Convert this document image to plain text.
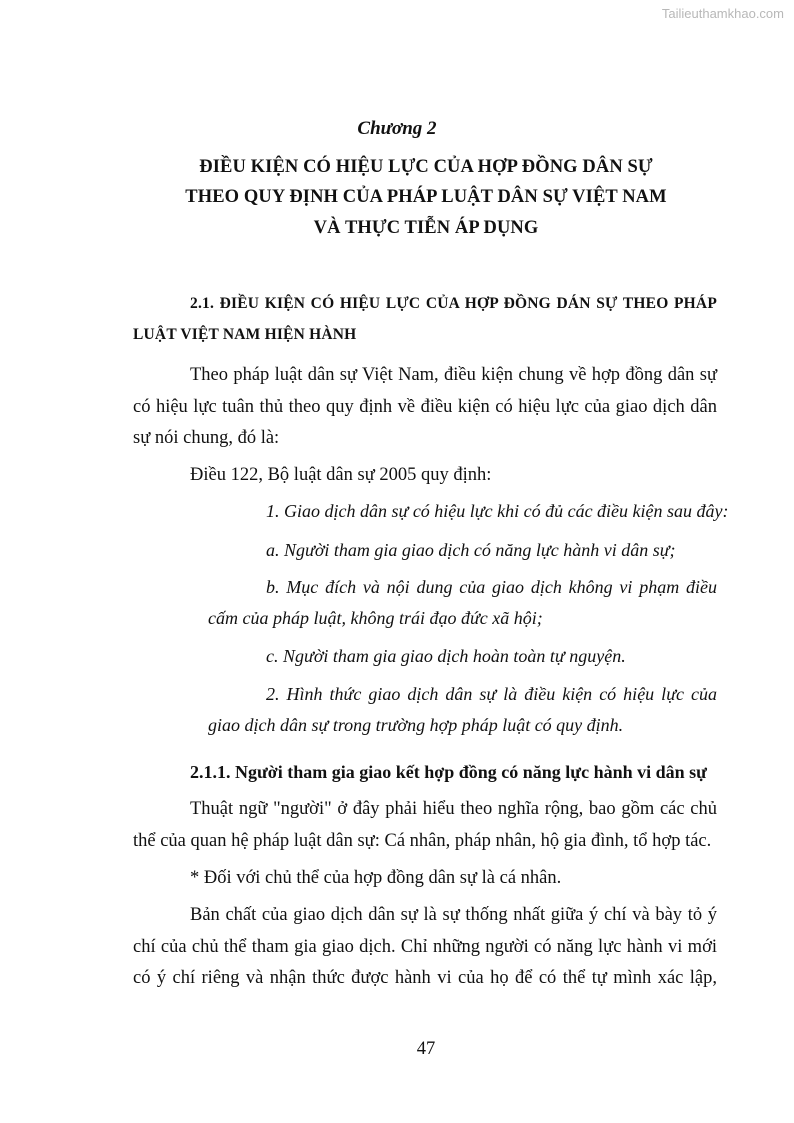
Tailieuthamkhao.com
Chương 2
ĐIỀU KIỆN CÓ HIỆU LỰC CỦA HỢP ĐỒNG DÂN SỰ
THEO QUY ĐỊNH CỦA PHÁP LUẬT DÂN SỰ VIỆT NAM
VÀ THỰC TIỄN ÁP DỤNG
2.1. ĐIỀU KIỆN CÓ HIỆU LỰC CỦA HỢP ĐỒNG DÁN SỰ THEO PHÁP
LUẬT VIỆT NAM HIỆN HÀNH
Theo pháp luật dân sự Việt Nam, điều kiện chung về hợp đồng dân sự
có hiệu lực tuân thủ theo quy định về điều kiện có hiệu lực của giao dịch dân
sự nói chung, đó là:
Điều 122, Bộ luật dân sự 2005 quy định:
1. Giao dịch dân sự có hiệu lực khi có đủ các điều kiện sau đây:
a. Người tham gia giao dịch có năng lực hành vi dân sự;
b. Mục đích và nội dung của giao dịch không vi phạm điều
cấm của pháp luật, không trái đạo đức xã hội;
c. Người tham gia giao dịch hoàn toàn tự nguyện.
2. Hình thức giao dịch dân sự là điều kiện có hiệu lực của
giao dịch dân sự trong trường hợp pháp luật có quy định.
2.1.1. Người tham gia giao kết hợp đồng có năng lực hành vi dân sự
Thuật ngữ "người" ở đây phải hiểu theo nghĩa rộng, bao gồm các chủ
thể của quan hệ pháp luật dân sự: Cá nhân, pháp nhân, hộ gia đình, tổ hợp tác.
* Đối với chủ thể của hợp đồng dân sự là cá nhân.
Bản chất của giao dịch dân sự là sự thống nhất giữa ý chí và bày tỏ ý
chí của chủ thể tham gia giao dịch. Chỉ những người có năng lực hành vi mới
có ý chí riêng và nhận thức được hành vi của họ để có thể tự mình xác lập,
47
